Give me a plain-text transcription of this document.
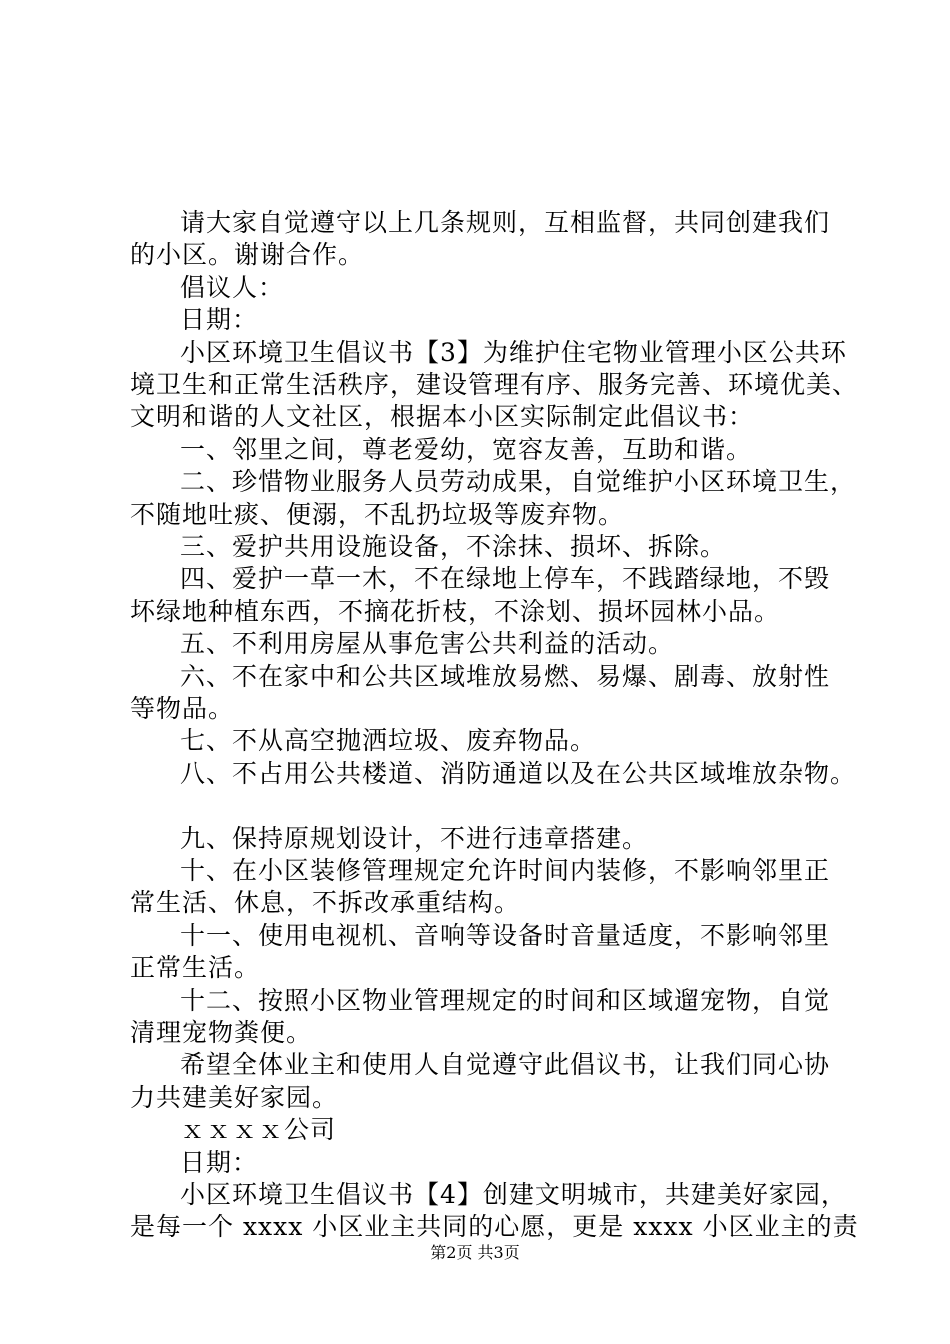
请大家自觉遵守以上几条规则，互相监督，共同创建我们
的小区。谢谢合作。
倡议人：
日期：
小区环境卫生倡议书【3】为维护住宅物业管理小区公共环
境卫生和正常生活秩序，建设管理有序、服务完善、环境优美、
文明和谐的人文社区，根据本小区实际制定此倡议书：
一、邻里之间，尊老爱幼，宽容友善，互助和谐。
二、珍惜物业服务人员劳动成果，自觉维护小区环境卫生，
不随地吐痰、便溺，不乱扔垃圾等废弃物。
三、爱护共用设施设备，不涂抹、损坏、拆除。
四、爱护一草一木，不在绿地上停车，不践踏绿地，不毁
坏绿地种植东西，不摘花折枝，不涂划、损坏园林小品。
五、不利用房屋从事危害公共利益的活动。
六、不在家中和公共区域堆放易燃、易爆、剧毒、放射性
等物品。
七、不从高空抛洒垃圾、废弃物品。
八、不占用公共楼道、消防通道以及在公共区域堆放杂物。
九、保持原规划设计，不进行违章搭建。
十、在小区装修管理规定允许时间内装修，不影响邻里正
常生活、休息，不拆改承重结构。
十一、使用电视机、音响等设备时音量适度，不影响邻里
正常生活。
十二、按照小区物业管理规定的时间和区域遛宠物，自觉
清理宠物粪便。
希望全体业主和使用人自觉遵守此倡议书，让我们同心协
力共建美好家园。
ｘｘｘｘ公司
日期：
小区环境卫生倡议书【4】创建文明城市，共建美好家园，
是每一个 xxxx 小区业主共同的心愿，更是 xxxx 小区业主的责
第2页 共3页
